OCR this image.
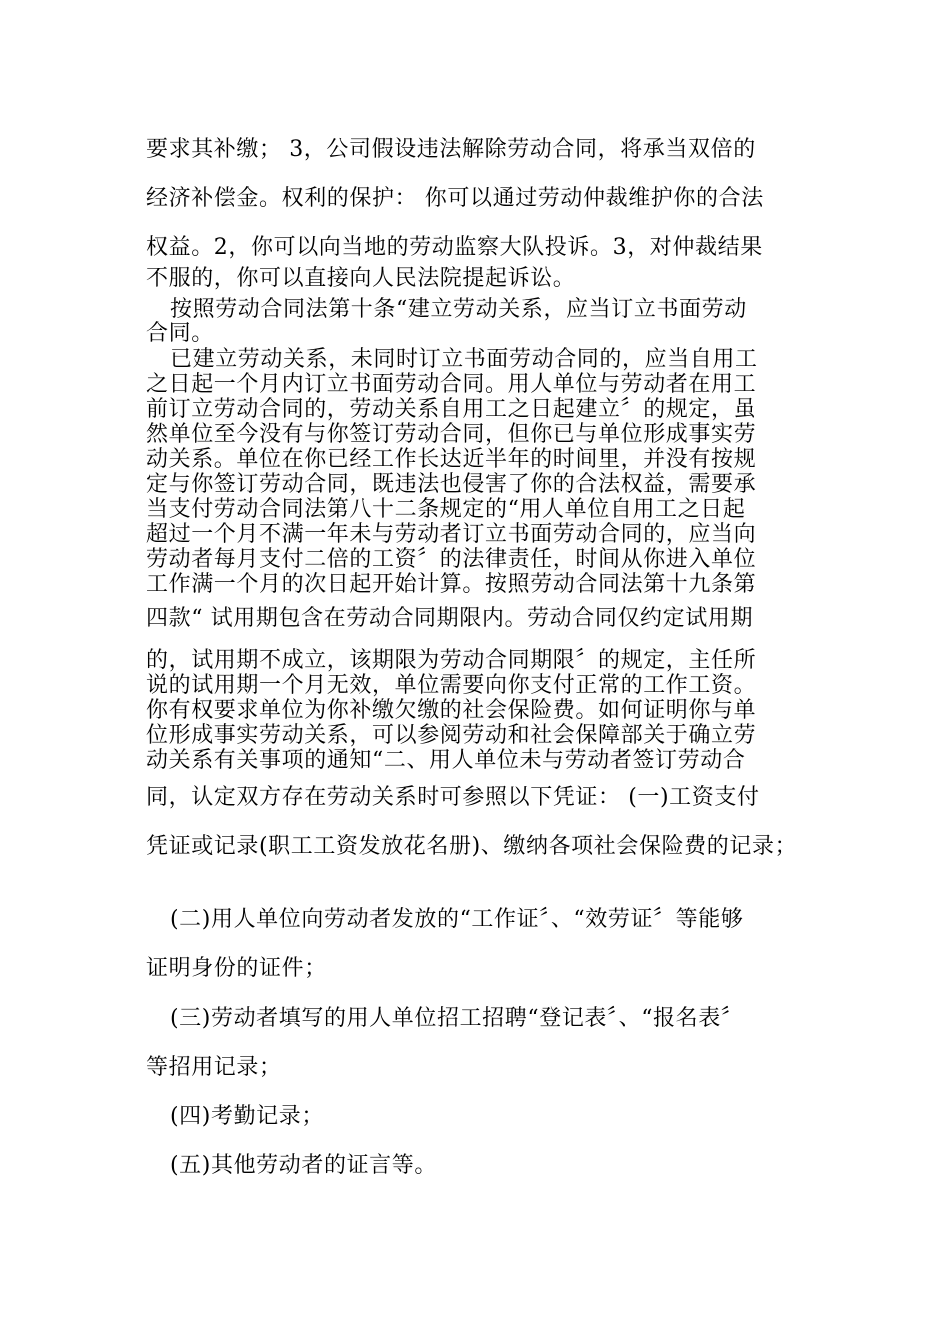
要求其补缴； 3，公司假设违法解除劳动合同，将承当双倍的
经济补偿金。权利的保护： 你可以通过劳动仲裁维护你的合法
权益。2，你可以向当地的劳动监察大队投诉。3，对仲裁结果
不服的，你可以直接向人民法院提起诉讼。
按照劳动合同法第十条“建立劳动关系，应当订立书面劳动
合同。
已建立劳动关系，未同时订立书面劳动合同的，应当自用工
之日起一个月内订立书面劳动合同。用人单位与劳动者在用工
前订立劳动合同的，劳动关系自用工之日起建立〞的规定，虽
然单位至今没有与你签订劳动合同，但你已与单位形成事实劳
动关系。单位在你已经工作长达近半年的时间里，并没有按规
定与你签订劳动合同，既违法也侵害了你的合法权益，需要承
当支付劳动合同法第八十二条规定的“用人单位自用工之日起
超过一个月不满一年未与劳动者订立书面劳动合同的，应当向
劳动者每月支付二倍的工资〞的法律责任，时间从你进入单位
工作满一个月的次日起开始计算。按照劳动合同法第十九条第
四款“ 试用期包含在劳动合同期限内。劳动合同仅约定试用期
的，试用期不成立，该期限为劳动合同期限〞的规定，主任所
说的试用期一个月无效，单位需要向你支付正常的工作工资。
你有权要求单位为你补缴欠缴的社会保险费。如何证明你与单
位形成事实劳动关系，可以参阅劳动和社会保障部关于确立劳
动关系有关事项的通知“二、用人单位未与劳动者签订劳动合
同，认定双方存在劳动关系时可参照以下凭证： (一)工资支付
凭证或记录(职工工资发放花名册)、缴纳各项社会保险费的记录；
(二)用人单位向劳动者发放的“工作证〞、“效劳证〞等能够
证明身份的证件；
(三)劳动者填写的用人单位招工招聘“登记表〞、“报名表〞
等招用记录；
(四)考勤记录；
(五)其他劳动者的证言等。
